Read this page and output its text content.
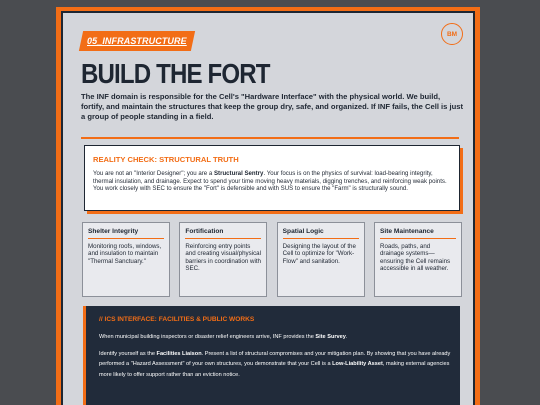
05_INFRASTRUCTURE
BM
BUILD THE FORT

The INF domain is responsible for the Cell's "Hardware Interface" with the physical world. We build, fortify, and maintain the structures that keep the group dry, safe, and organized. If INF fails, the Cell is just a group of people standing in a field.

REALITY CHECK: STRUCTURAL TRUTH

You are not an "Interior Designer"; you are a Structural Sentry. Your focus is on the physics of survival: load-bearing integrity, thermal insulation, and drainage. Expect to spend your time moving heavy materials, digging trenches, and reinforcing weak points. You work closely with SEC to ensure the "Fort" is defensible and with SUS to ensure the "Farm" is structurally sound.

Shelter Integrity

Monitoring roofs, windows, and insulation to maintain "Thermal Sanctuary."

Fortification

Reinforcing entry points and creating visual/physical barriers in coordination with SEC.

Spatial Logic

Designing the layout of the Cell to optimize for "Work-Flow" and sanitation.

Site Maintenance

Roads, paths, and drainage systems—ensuring the Cell remains accessible in all weather.

// ICS INTERFACE: FACILITIES & PUBLIC WORKS

When municipal building inspectors or disaster relief engineers arrive, INF provides the Site Survey.

Identify yourself as the Facilities Liaison. Present a list of structural compromises and your mitigation plan. By showing that you have already performed a "Hazard Assessment" of your own structures, you demonstrate that your Cell is a Low-Liability Asset, making external agencies more likely to offer support rather than an eviction notice.
